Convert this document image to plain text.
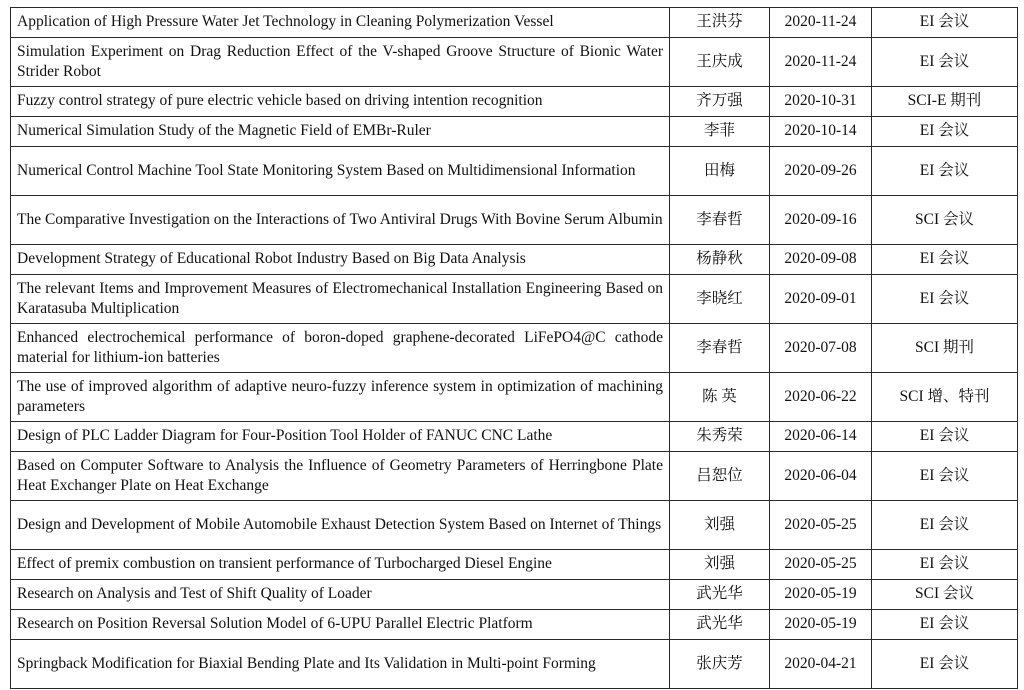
Application of High Pressure Water Jet Technology in Cleaning Polymerization Vessel	王洪芬	2020-11-24	EI 会议
Simulation Experiment on Drag Reduction Effect of the V-shaped Groove Structure of Bionic Water Strider Robot	王庆成	2020-11-24	EI 会议
Fuzzy control strategy of pure electric vehicle based on driving intention recognition	齐万强	2020-10-31	SCI-E 期刊
Numerical Simulation Study of the Magnetic Field of EMBr-Ruler	李菲	2020-10-14	EI 会议
Numerical Control Machine Tool State Monitoring System Based on Multidimensional Information	田梅	2020-09-26	EI 会议
The Comparative Investigation on the Interactions of Two Antiviral Drugs With Bovine Serum Albumin	李春哲	2020-09-16	SCI 会议
Development Strategy of Educational Robot Industry Based on Big Data Analysis	杨静秋	2020-09-08	EI 会议
The relevant Items and Improvement Measures of Electromechanical Installation Engineering Based on Karatasuba Multiplication	李晓红	2020-09-01	EI 会议
Enhanced electrochemical performance of boron-doped graphene-decorated LiFePO4@C cathode material for lithium-ion batteries	李春哲	2020-07-08	SCI 期刊
The use of improved algorithm of adaptive neuro-fuzzy inference system in optimization of machining parameters	陈 英	2020-06-22	SCI 增、特刊
Design of PLC Ladder Diagram for Four-Position Tool Holder of FANUC CNC Lathe	朱秀荣	2020-06-14	EI 会议
Based on Computer Software to Analysis the Influence of Geometry Parameters of Herringbone Plate Heat Exchanger Plate on Heat Exchange	吕恕位	2020-06-04	EI 会议
Design and Development of Mobile Automobile Exhaust Detection System Based on Internet of Things	刘强	2020-05-25	EI 会议
Effect of premix combustion on transient performance of Turbocharged Diesel Engine	刘强	2020-05-25	EI 会议
Research on Analysis and Test of Shift Quality of Loader	武光华	2020-05-19	SCI 会议
Research on Position Reversal Solution Model of 6-UPU Parallel Electric Platform	武光华	2020-05-19	EI 会议
Springback Modification for Biaxial Bending Plate and Its Validation in Multi-point Forming	张庆芳	2020-04-21	EI 会议
